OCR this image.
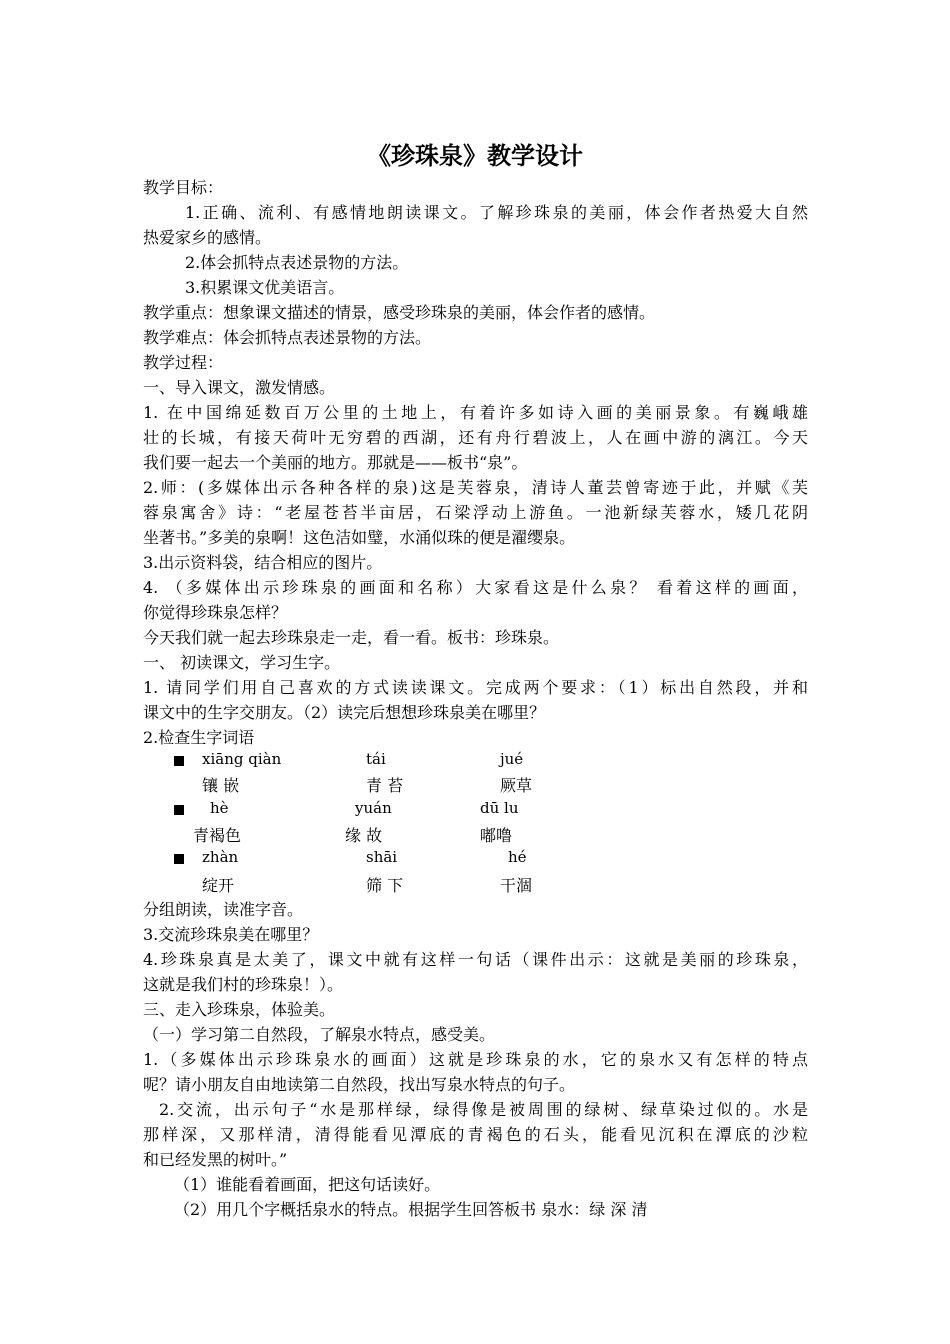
《珍珠泉》教学设计
教学目标：
1.正确、流利、有感情地朗读课文。了解珍珠泉的美丽，体会作者热爱大自然
热爱家乡的感情。
2.体会抓特点表述景物的方法。
3.积累课文优美语言。
教学重点：想象课文描述的情景，感受珍珠泉的美丽，体会作者的感情。
教学难点：体会抓特点表述景物的方法。
教学过程：
一、导入课文，激发情感。
1. 在中国绵延数百万公里的土地上，有着许多如诗入画的美丽景象。有巍峨雄
壮的长城，有接天荷叶无穷碧的西湖，还有舟行碧波上，人在画中游的漓江。今天
我们要一起去一个美丽的地方。那就是——板书“泉”。
2.师：(多媒体出示各种各样的泉)这是芙蓉泉，清诗人董芸曾寄迹于此，并赋《芙
蓉泉寓舍》诗：“老屋苍苔半亩居，石梁浮动上游鱼。一池新绿芙蓉水，矮几花阴
坐著书。”多美的泉啊！这色洁如璧，水涌似珠的便是濯缨泉。
3.出示资料袋，结合相应的图片。
4. （多媒体出示珍珠泉的画面和名称）大家看这是什么泉？ 看着这样的画面，
你觉得珍珠泉怎样？
今天我们就一起去珍珠泉走一走，看一看。板书：珍珠泉。
一、 初读课文，学习生字。
1. 请同学们用自己喜欢的方式读读课文。完成两个要求：（1）标出自然段，并和
课文中的生字交朋友。（2）读完后想想珍珠泉美在哪里？
2.检查生字词语
xiāng qiàn	tái	jué
镶 嵌	青 苔	厥草
hè	yuán	dū lu
青褐色	缘 故	嘟噜
zhàn	shāi	hé
绽开	筛 下	干涸
分组朗读，读准字音。
3.交流珍珠泉美在哪里？
4.珍珠泉真是太美了，课文中就有这样一句话（课件出示：这就是美丽的珍珠泉，
这就是我们村的珍珠泉！）。
三、走入珍珠泉，体验美。
（一）学习第二自然段，了解泉水特点，感受美。
1.（多媒体出示珍珠泉水的画面）这就是珍珠泉的水，它的泉水又有怎样的特点
呢？请小朋友自由地读第二自然段，找出写泉水特点的句子。
2.交流，出示句子“水是那样绿，绿得像是被周围的绿树、绿草染过似的。水是
那样深，又那样清，清得能看见潭底的青褐色的石头，能看见沉积在潭底的沙粒
和已经发黑的树叶。”
（1）谁能看着画面，把这句话读好。
（2）用几个字概括泉水的特点。根据学生回答板书 泉水：绿 深 清
